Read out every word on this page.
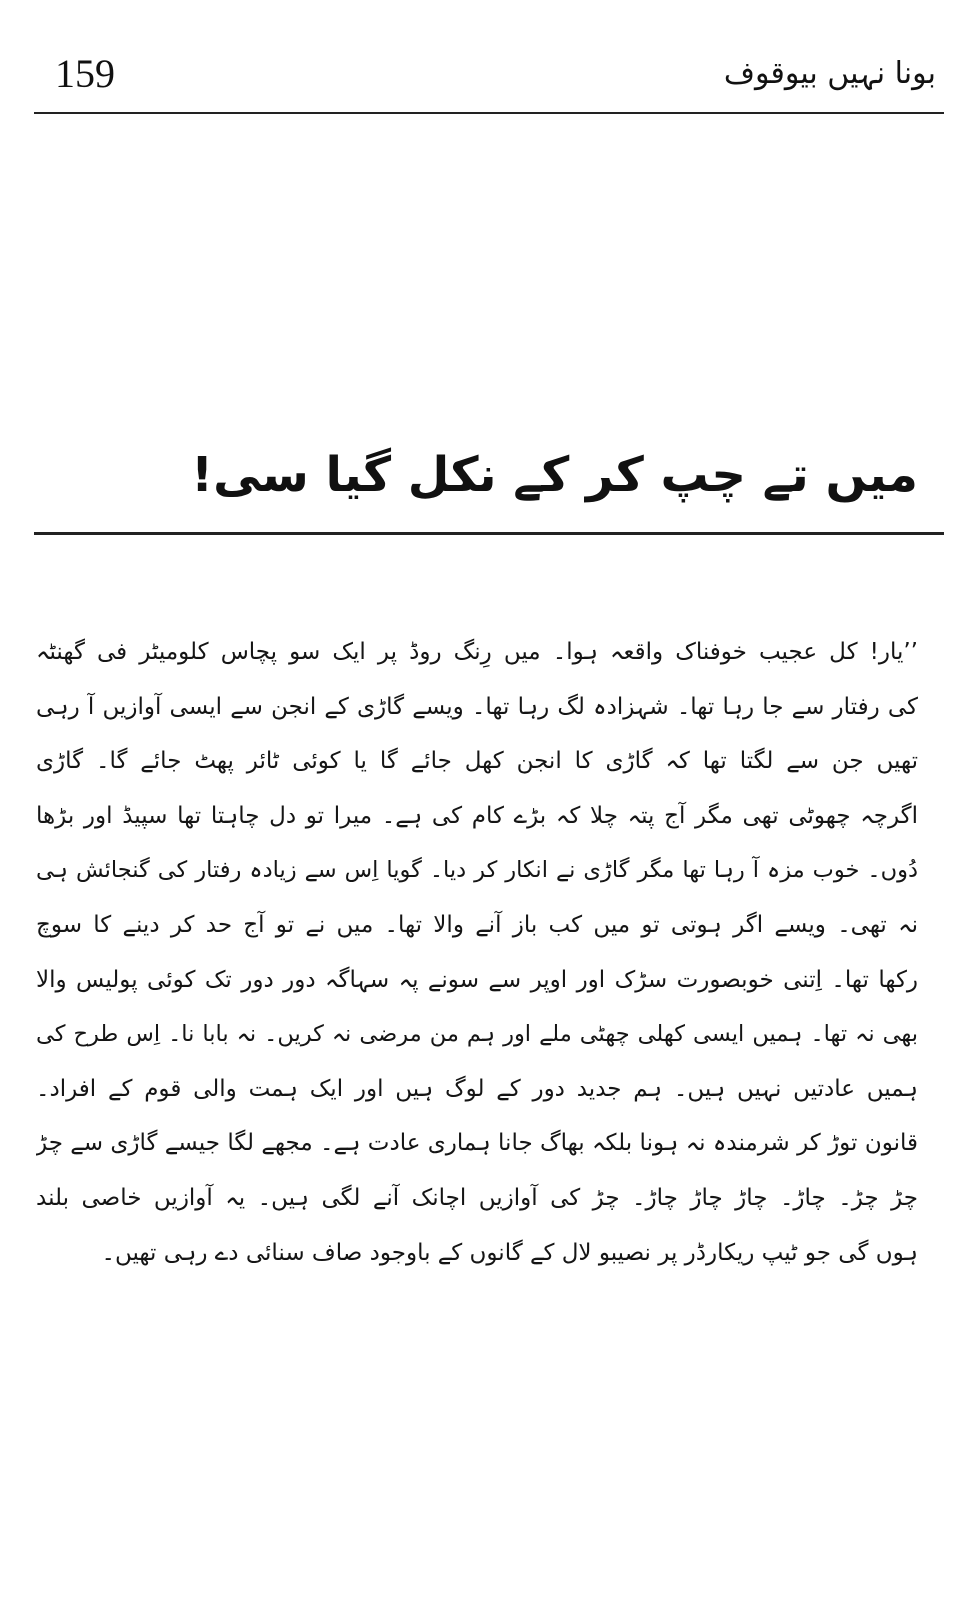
159	بونا نہیں بیوقوف
میں تے چپ کر کے نکل گیا سی!
’’یار! کل عجیب خوفناک واقعہ ہوا۔ میں رِنگ روڈ پر ایک سو پچاس کلومیٹر فی گھنٹہ
کی رفتار سے جا رہا تھا۔ شہزادہ لگ رہا تھا۔ ویسے گاڑی کے انجن سے ایسی آوازیں آ رہی
تھیں جن سے لگتا تھا کہ گاڑی کا انجن کھل جائے گا یا کوئی ٹائر پھٹ جائے گا۔ گاڑی
اگرچہ چھوٹی تھی مگر آج پتہ چلا کہ بڑے کام کی ہے۔ میرا تو دل چاہتا تھا سپیڈ اور بڑھا
دُوں۔ خوب مزہ آ رہا تھا مگر گاڑی نے انکار کر دیا۔ گویا اِس سے زیادہ رفتار کی گنجائش ہی
نہ تھی۔ ویسے اگر ہوتی تو میں کب باز آنے والا تھا۔ میں نے تو آج حد کر دینے کا سوچ
رکھا تھا۔ اِتنی خوبصورت سڑک اور اوپر سے سونے پہ سہاگہ دور دور تک کوئی پولیس والا
بھی نہ تھا۔ ہمیں ایسی کھلی چھٹی ملے اور ہم من مرضی نہ کریں۔ نہ بابا نا۔ اِس طرح کی
ہمیں عادتیں نہیں ہیں۔ ہم جدید دور کے لوگ ہیں اور ایک ہمت والی قوم کے افراد۔
قانون توڑ کر شرمندہ نہ ہونا بلکہ بھاگ جانا ہماری عادت ہے۔ مجھے لگا جیسے گاڑی سے چڑ
چڑ چڑ۔ چاڑ۔ چاڑ چاڑ چاڑ۔ چڑ کی آوازیں اچانک آنے لگی ہیں۔ یہ آوازیں خاصی بلند
ہوں گی جو ٹیپ ریکارڈر پر نصیبو لال کے گانوں کے باوجود صاف سنائی دے رہی تھیں۔
